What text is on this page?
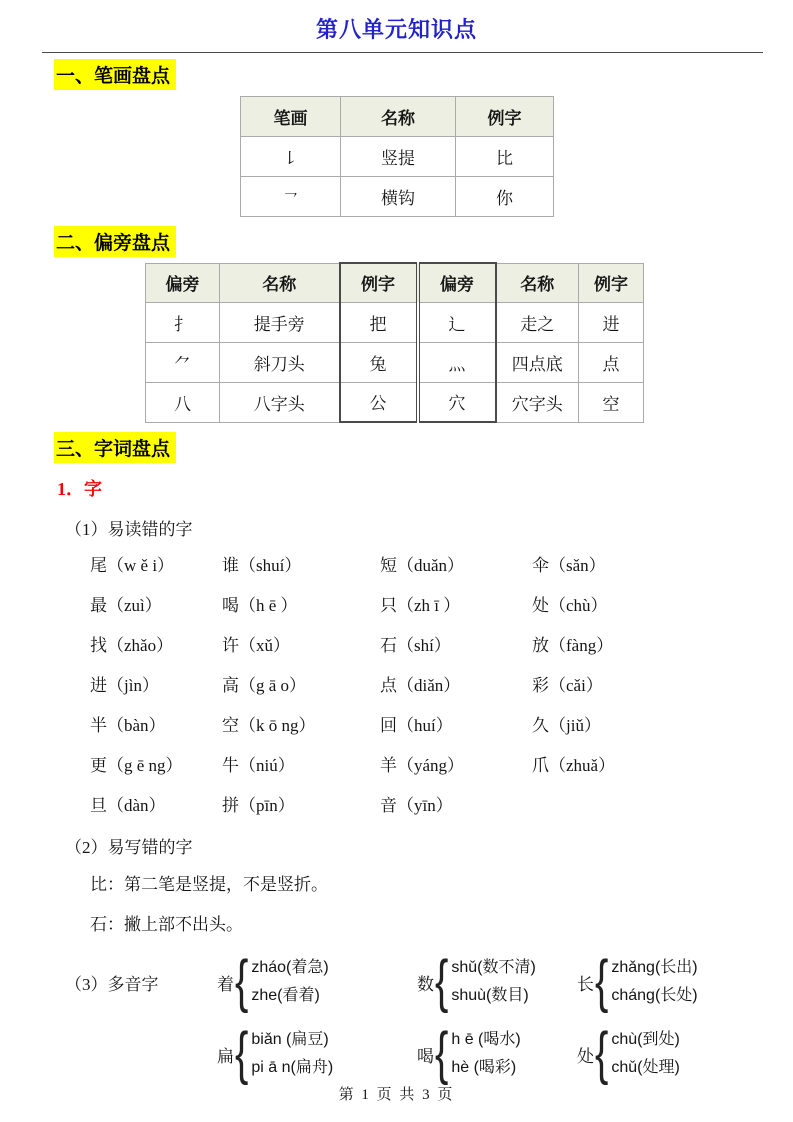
第八单元知识点
一、笔画盘点
笔画	名称	例字
㇙	竖提	比
㇖	横钩	你
二、偏旁盘点
偏旁	名称	例字	偏旁	名称	例字
扌	提手旁	把	辶	走之	进
⺈	斜刀头	兔	灬	四点底	点
八	八字头	公	穴	穴字头	空
三、字词盘点
1．字
（1）易读错的字
尾（w ě i）	谁（shuí）	短（duǎn）	伞（sǎn）
最（zuì）	喝（h ē ）	只（zh ī ）	处（chù）
找（zhǎo）	许（xǔ）	石（shí）	放（fàng）
进（jìn）	高（g ā o）	点（diǎn）	彩（cǎi）
半（bàn）	空（k ō ng）	回（huí）	久（jiǔ）
更（g ē ng）	牛（niú）	羊（yáng）	爪（zhuǎ）
旦（dàn）	拼（pīn）	音（yīn）
（2）易写错的字
比：第二笔是竖提，不是竖折。
石：撇上部不出头。
（3）多音字	着 { zháo(着急)
zhe(看着)
数 { shǔ(数不清)
shuù(数目)
长 { zhǎng(长出)
cháng(长处)
扁 { biǎn (扁豆)
pi ā n(扁舟)
喝 { h ē (喝水)
hè (喝彩)
处 { chù(到处)
chǔ(处理)
第 1 页 共 3 页
